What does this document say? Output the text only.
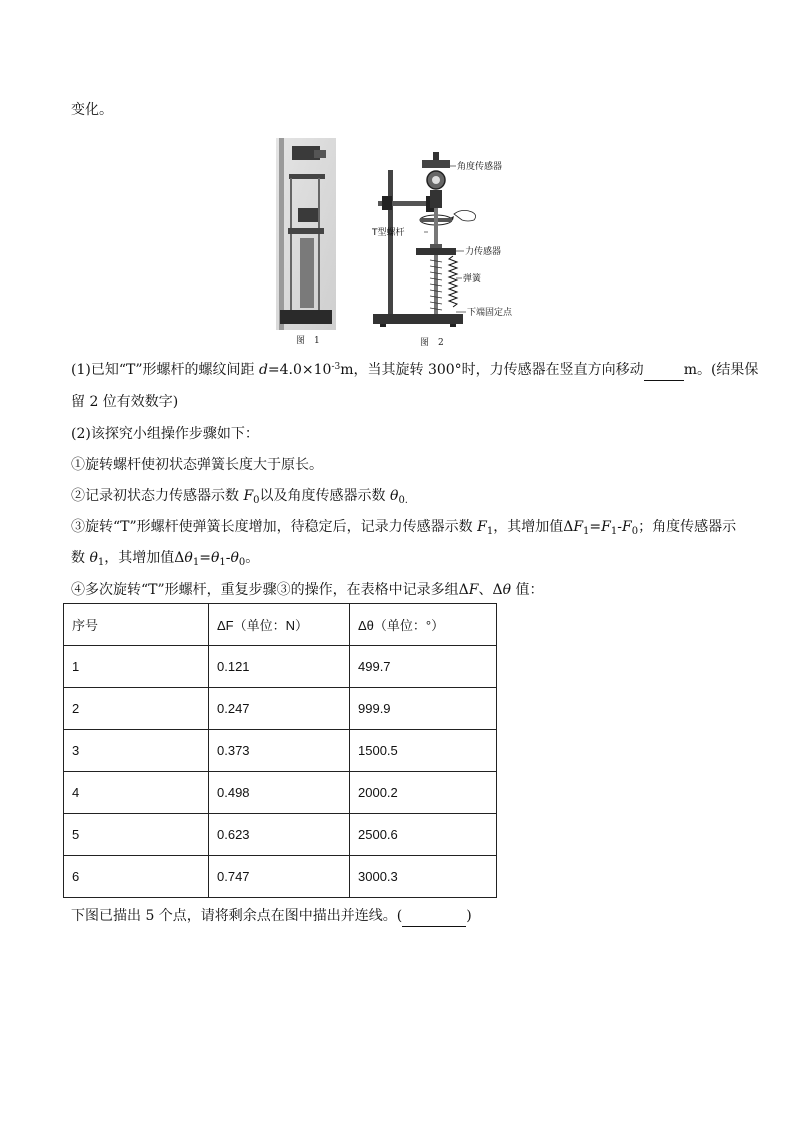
变化。
图　1
角度传感器
T型螺杆
力传感器
弹簧
下端固定点
图　2
(1)已知“T”形螺杆的螺纹间距 $d=4.0\times 10^{-3}m$，当其旋转 300°时，力传感器在竖直方向移动	m。(结果保
留 2 位有效数字)
(2)该探究小组操作步骤如下：
①旋转螺杆使初状态弹簧长度大于原长。
②记录初状态力传感器示数 $F_0$以及角度传感器示数 $\theta_{0.}$
③旋转“T”形螺杆使弹簧长度增加，待稳定后，记录力传感器示数 $F_1$，其增加值$\Delta F_1=F_1-F_0$；角度传感器示
数 $\theta_1$，其增加值$\Delta\theta_1=\theta_1-\theta_0$。
④多次旋转“T”形螺杆，重复步骤③的操作，在表格中记录多组ΔF、Δθ 值：
序号	ΔF（单位：N）	Δθ（单位：°）
1	0.121	499.7
2	0.247	999.9
3	0.373	1500.5
4	0.498	2000.2
5	0.623	2500.6
6	0.747	3000.3
下图已描出 5 个点，请将剩余点在图中描出并连线。(	)
